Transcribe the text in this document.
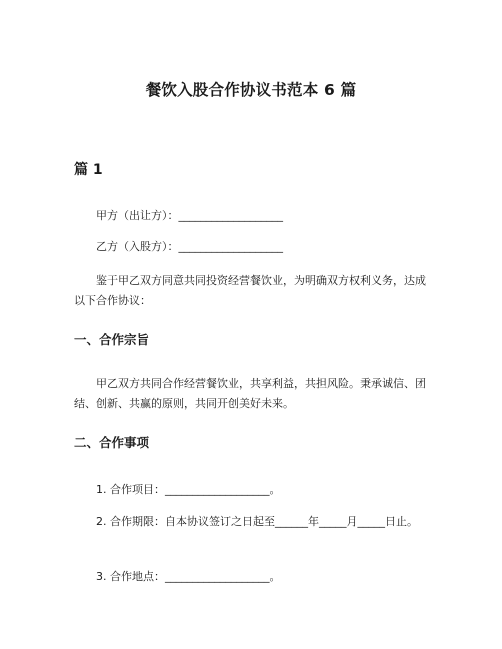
餐饮入股合作协议书范本 6 篇
篇 1
甲方（出让方）：___________________
乙方（入股方）：___________________
鉴于甲乙双方同意共同投资经营餐饮业，为明确双方权利义务，达成以下合作协议：
一、合作宗旨
甲乙双方共同合作经营餐饮业，共享利益，共担风险。秉承诚信、团结、创新、共赢的原则，共同开创美好未来。
二、合作事项
1. 合作项目：___________________。
2. 合作期限：自本协议签订之日起至______年_____月_____日止。
3. 合作地点：___________________。
